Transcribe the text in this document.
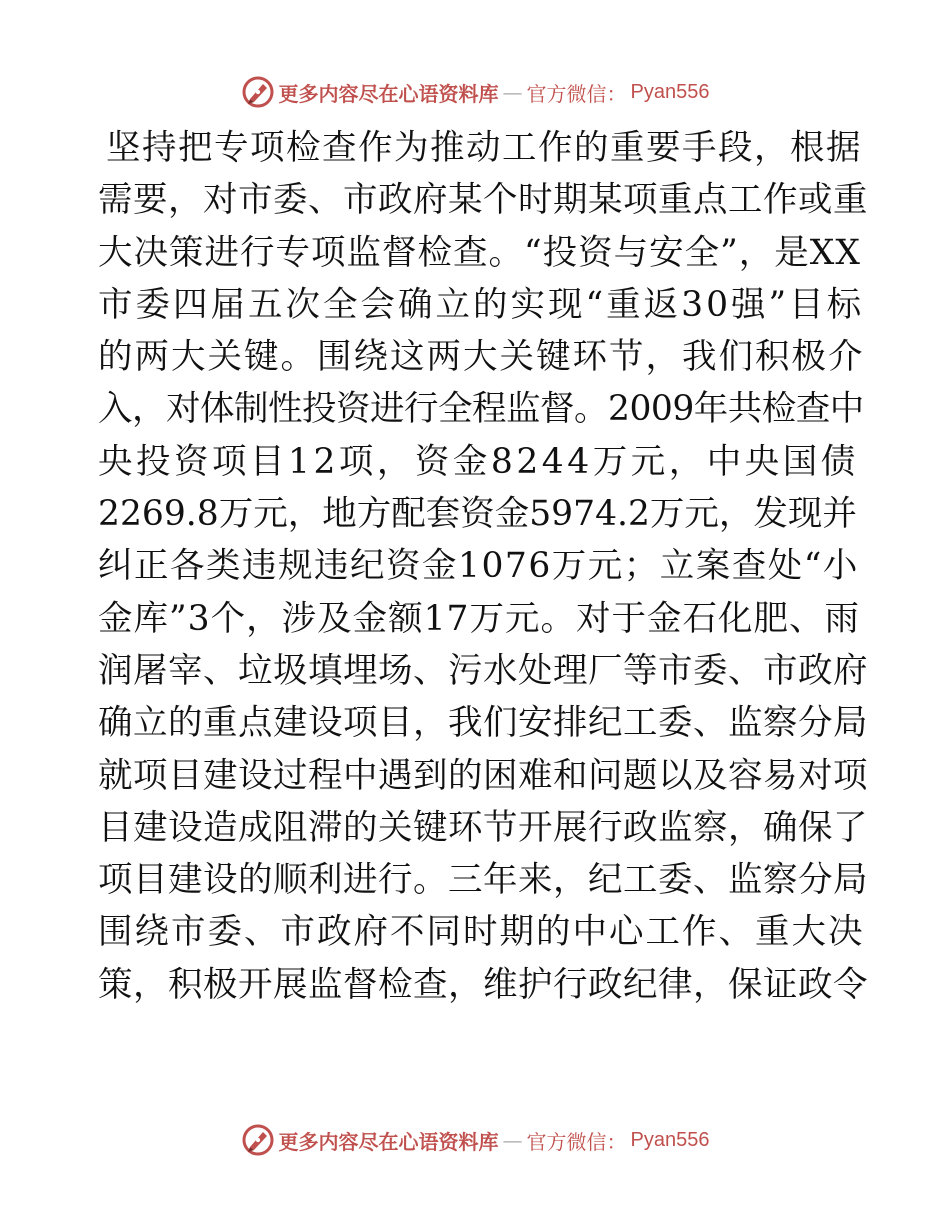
更多内容尽在心语资料库 — 官方微信： Pyan556
坚持把专项检查作为推动工作的重要手段，根据
需要，对市委、市政府某个时期某项重点工作或重
大决策进行专项监督检查。“投资与安全”，是XX
市委四届五次全会确立的实现“重返30强”目标
的两大关键。围绕这两大关键环节，我们积极介
入，对体制性投资进行全程监督。2009年共检查中
央投资项目12项，资金8244万元，中央国债
2269.8万元，地方配套资金5974.2万元，发现并
纠正各类违规违纪资金1076万元；立案查处“小
金库”3个，涉及金额17万元。对于金石化肥、雨
润屠宰、垃圾填埋场、污水处理厂等市委、市政府
确立的重点建设项目，我们安排纪工委、监察分局
就项目建设过程中遇到的困难和问题以及容易对项
目建设造成阻滞的关键环节开展行政监察，确保了
项目建设的顺利进行。三年来，纪工委、监察分局
围绕市委、市政府不同时期的中心工作、重大决
策，积极开展监督检查，维护行政纪律，保证政令
更多内容尽在心语资料库 — 官方微信： Pyan556
